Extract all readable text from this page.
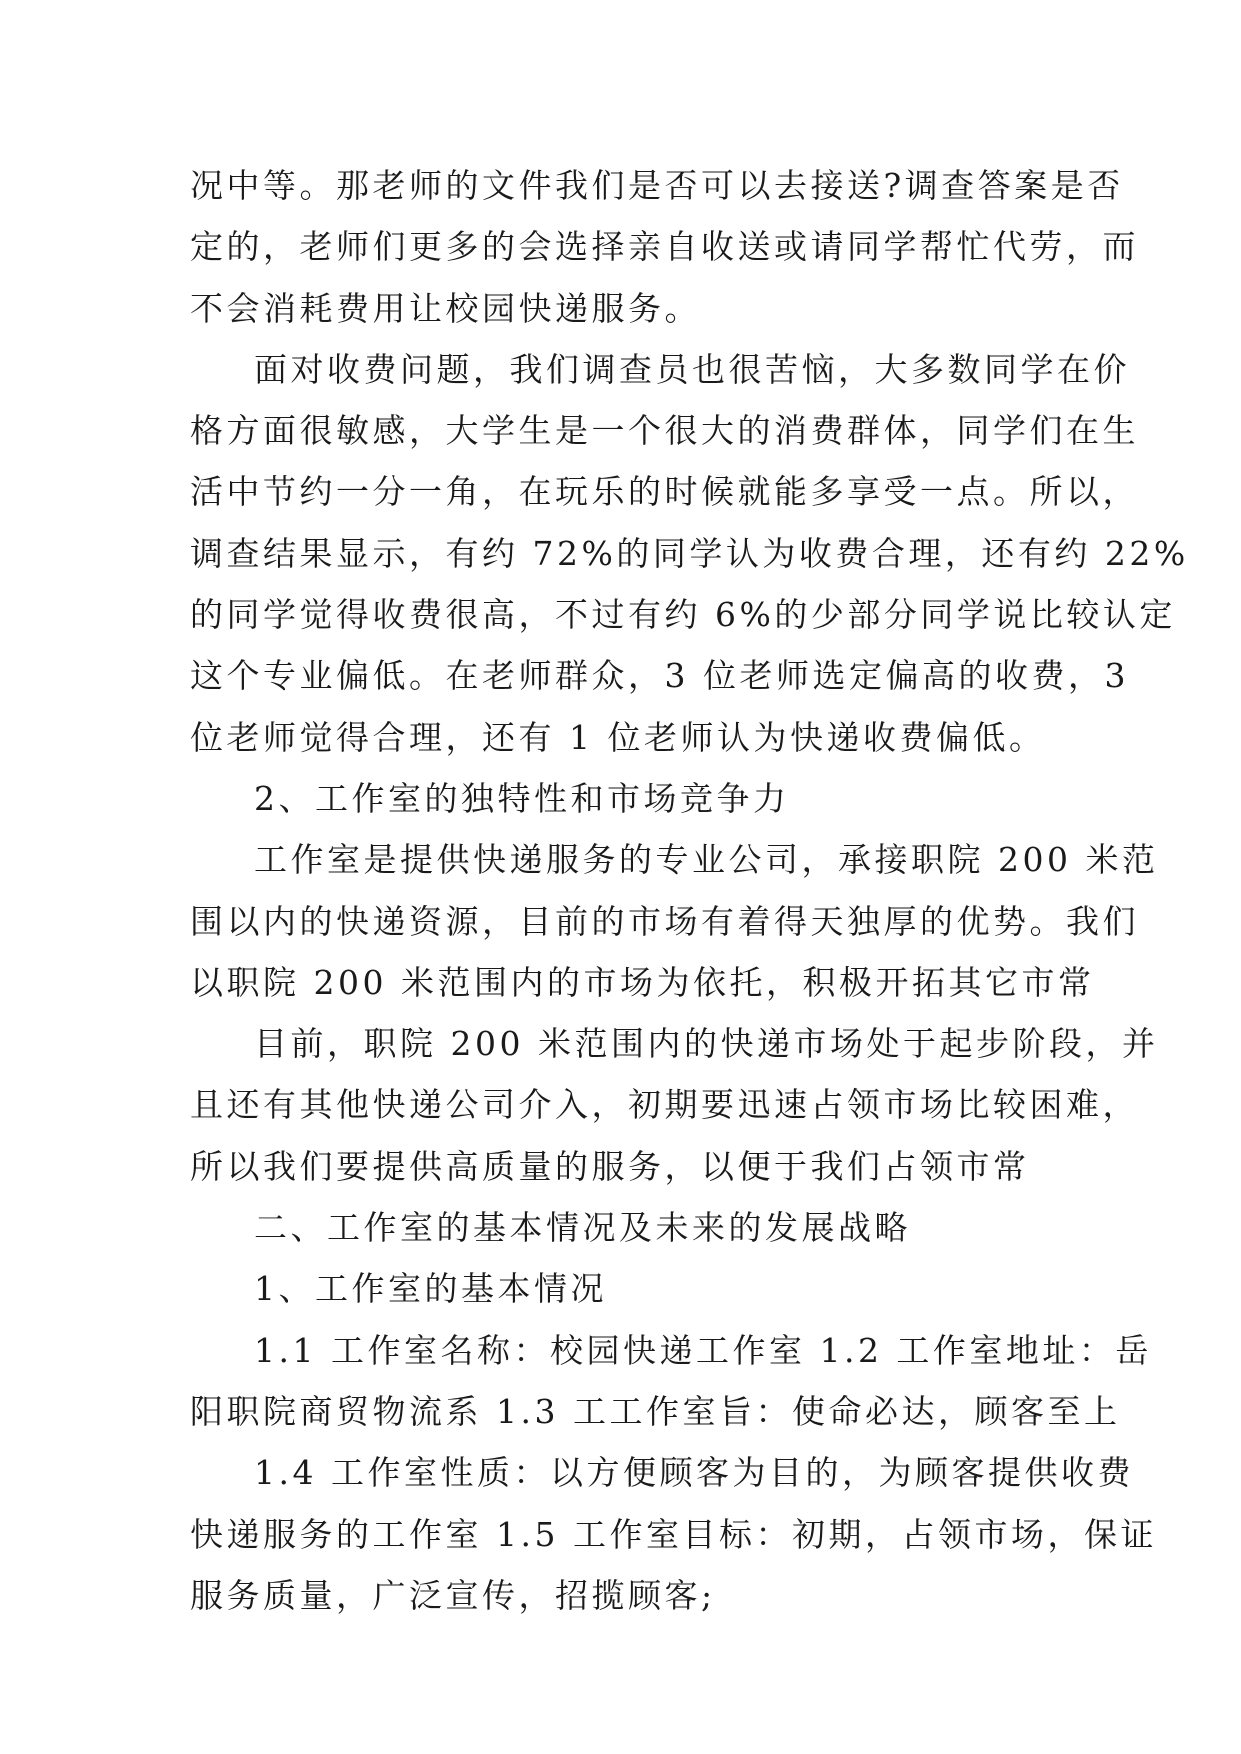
况中等。那老师的文件我们是否可以去接送?调查答案是否
定的，老师们更多的会选择亲自收送或请同学帮忙代劳，而
不会消耗费用让校园快递服务。

面对收费问题，我们调查员也很苦恼，大多数同学在价
格方面很敏感，大学生是一个很大的消费群体，同学们在生
活中节约一分一角，在玩乐的时候就能多享受一点。所以，
调查结果显示，有约 72%的同学认为收费合理，还有约 22%
的同学觉得收费很高，不过有约 6%的少部分同学说比较认定
这个专业偏低。在老师群众，3 位老师选定偏高的收费，3
位老师觉得合理，还有 1 位老师认为快递收费偏低。

2、工作室的独特性和市场竞争力

工作室是提供快递服务的专业公司，承接职院 200 米范
围以内的快递资源，目前的市场有着得天独厚的优势。我们
以职院 200 米范围内的市场为依托，积极开拓其它市常

目前，职院 200 米范围内的快递市场处于起步阶段，并
且还有其他快递公司介入，初期要迅速占领市场比较困难，
所以我们要提供高质量的服务，以便于我们占领市常

二、工作室的基本情况及未来的发展战略

1、工作室的基本情况

1.1 工作室名称：校园快递工作室 1.2 工作室地址：岳
阳职院商贸物流系 1.3 工工作室旨：使命必达，顾客至上

1.4 工作室性质：以方便顾客为目的，为顾客提供收费
快递服务的工作室 1.5 工作室目标：初期，占领市场，保证
服务质量，广泛宣传，招揽顾客;
